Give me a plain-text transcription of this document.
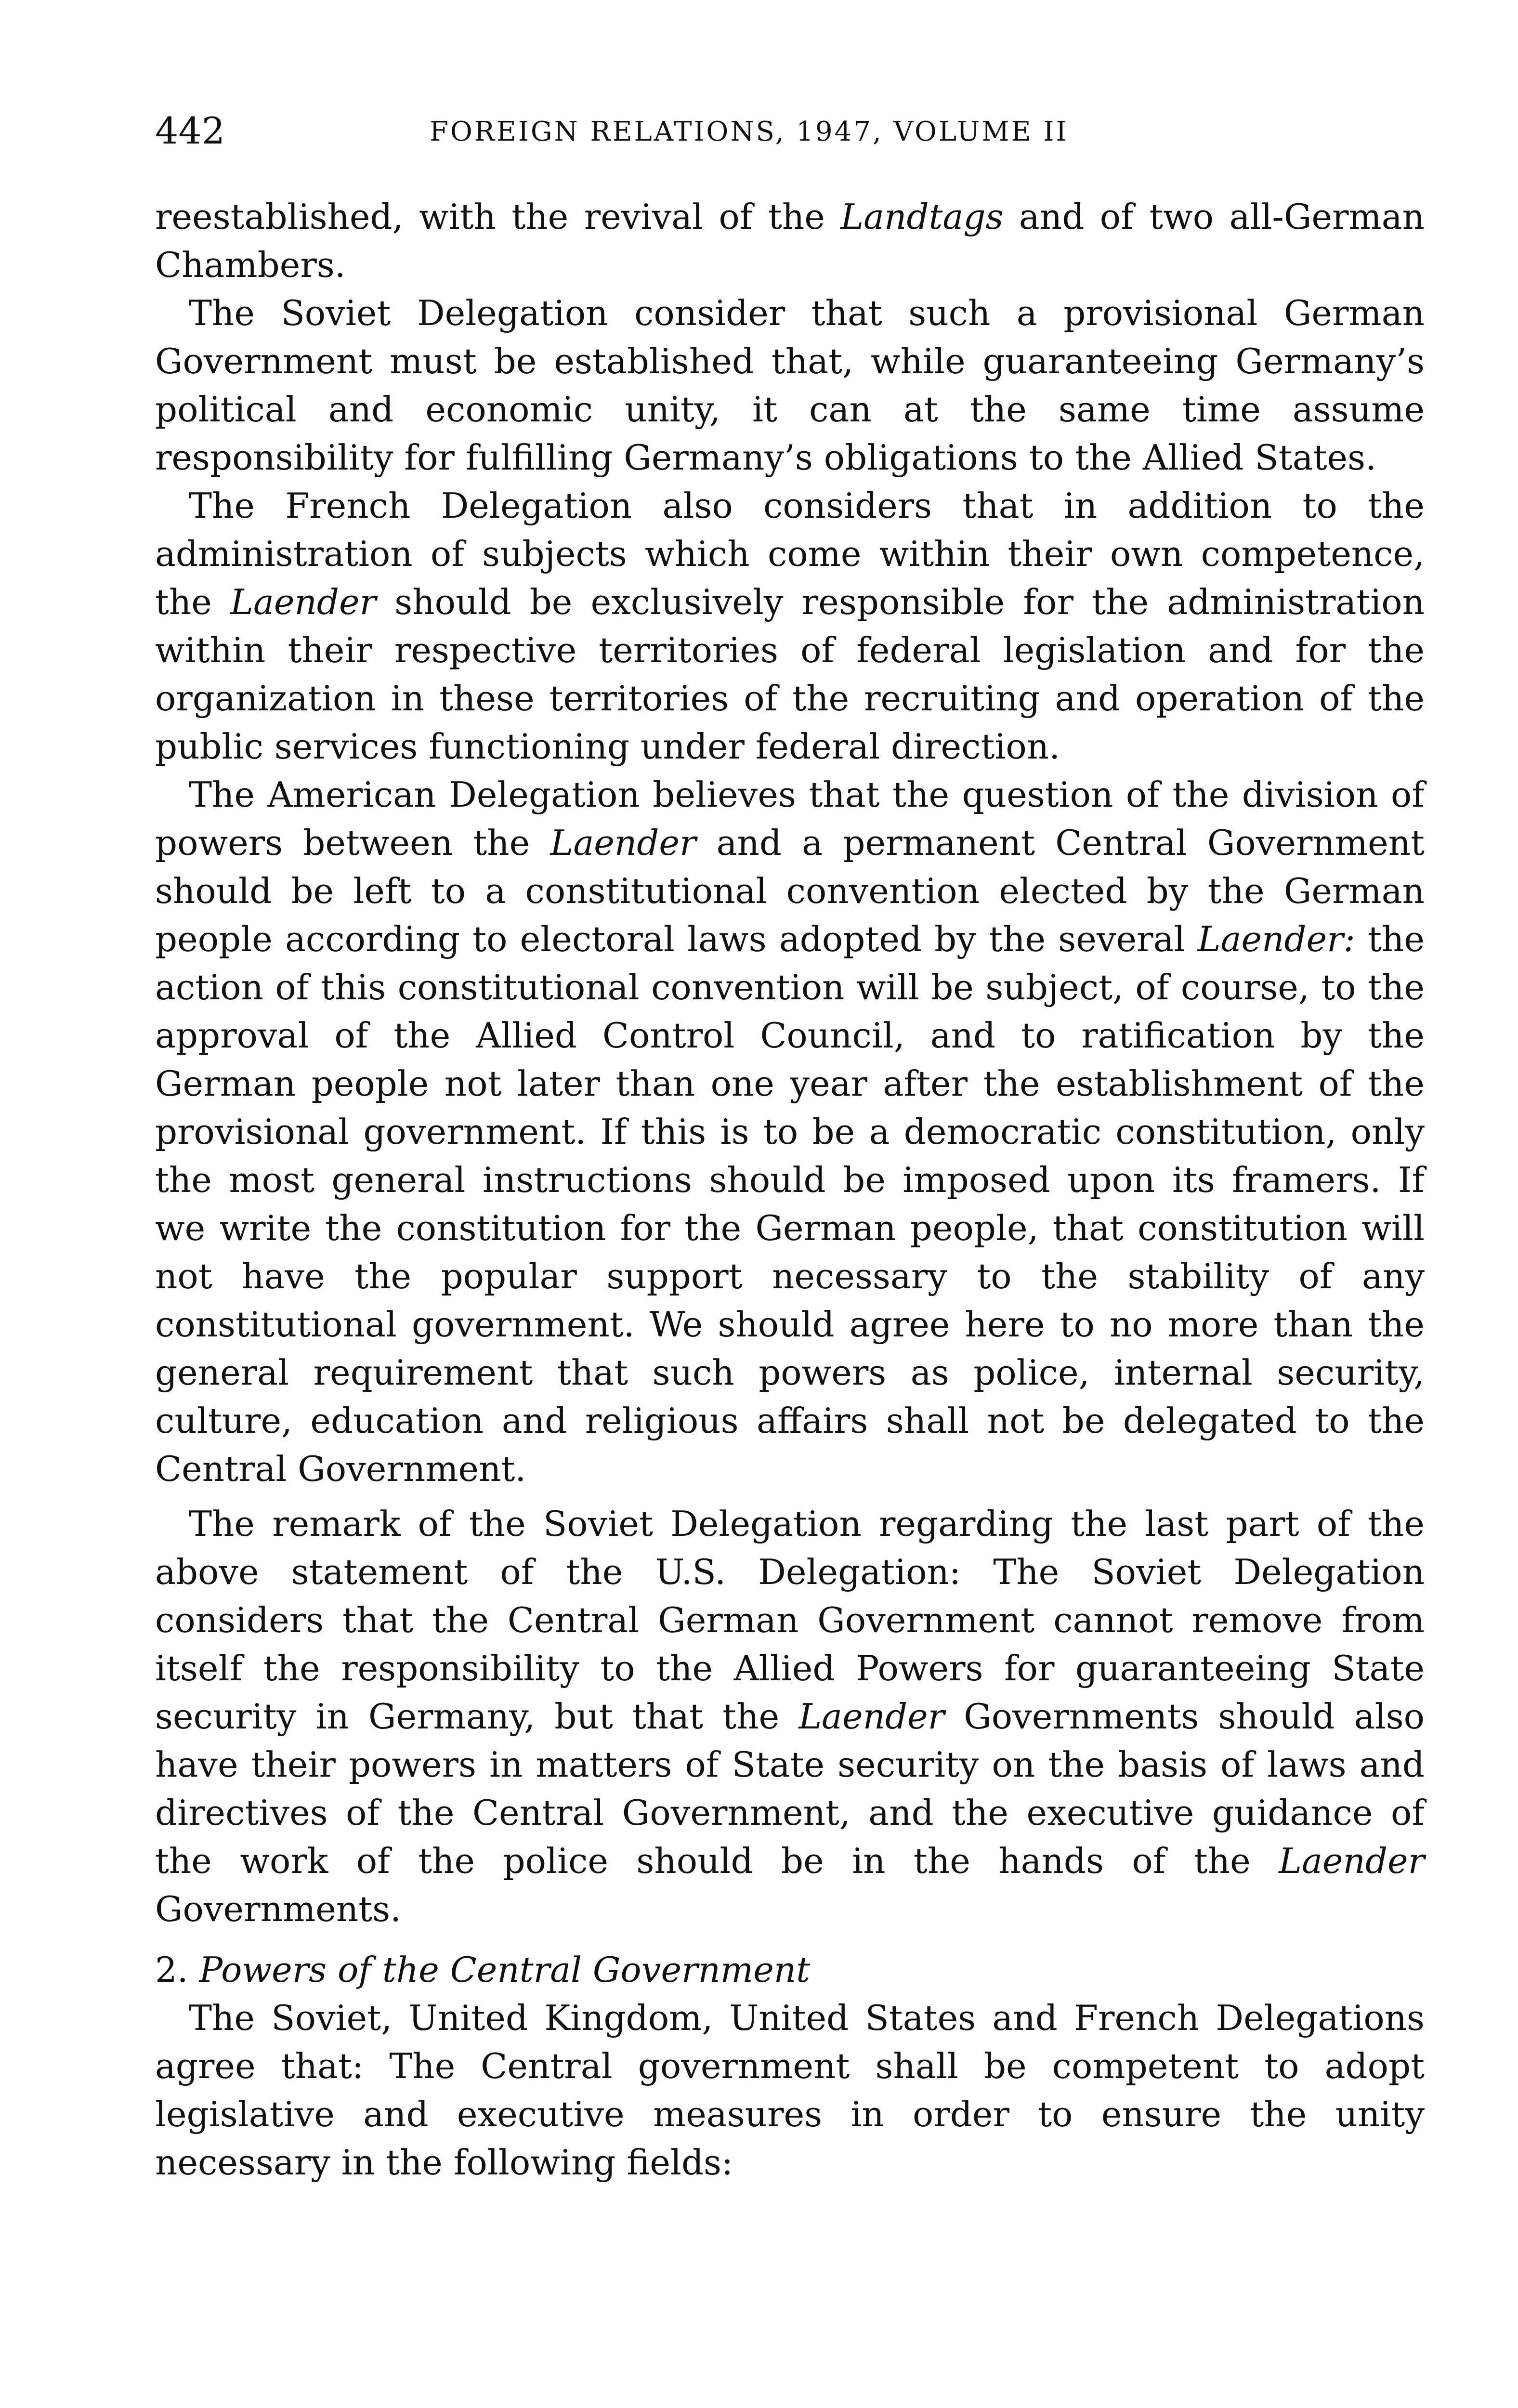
442	FOREIGN RELATIONS, 1947, VOLUME II

reestablished, with the revival of the Landtags and of two all-German Chambers.

The Soviet Delegation consider that such a provisional German Government must be established that, while guaranteeing Germany’s political and economic unity, it can at the same time assume responsibility for fulfilling Germany’s obligations to the Allied States.

The French Delegation also considers that in addition to the administration of subjects which come within their own competence, the Laender should be exclusively responsible for the administration within their respective territories of federal legislation and for the organization in these territories of the recruiting and operation of the public services functioning under federal direction.

The American Delegation believes that the question of the division of powers between the Laender and a permanent Central Government should be left to a constitutional convention elected by the German people according to electoral laws adopted by the several Laender: the action of this constitutional convention will be subject, of course, to the approval of the Allied Control Council, and to ratification by the German people not later than one year after the establishment of the provisional government. If this is to be a democratic constitution, only the most general instructions should be imposed upon its framers. If we write the constitution for the German people, that constitution will not have the popular support necessary to the stability of any constitutional government. We should agree here to no more than the general requirement that such powers as police, internal security, culture, education and religious affairs shall not be delegated to the Central Government.

The remark of the Soviet Delegation regarding the last part of the above statement of the U.S. Delegation: The Soviet Delegation considers that the Central German Government cannot remove from itself the responsibility to the Allied Powers for guaranteeing State security in Germany, but that the Laender Governments should also have their powers in matters of State security on the basis of laws and directives of the Central Government, and the executive guidance of the work of the police should be in the hands of the Laender Governments.

2. Powers of the Central Government

The Soviet, United Kingdom, United States and French Delegations agree that: The Central government shall be competent to adopt legislative and executive measures in order to ensure the unity necessary in the following fields:
